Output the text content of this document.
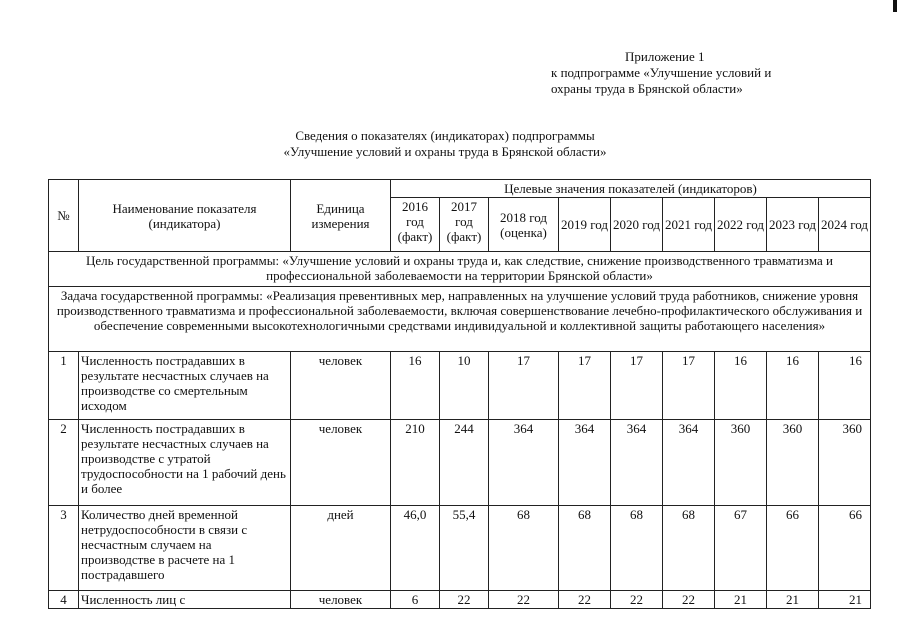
Приложение 1
к подпрограмме «Улучшение условий и
охраны труда в Брянской области»
Сведения о показателях (индикаторах) подпрограммы
«Улучшение условий и охраны труда в Брянской области»
№	Наименование показателя (индикатора)	Единица измерения	Целевые значения показателей (индикаторов)								
			2016 год (факт)	2017 год (факт)	2018 год (оценка)	2019 год	2020 год	2021 год	2022 год	2023 год	2024 год
Цель государственной программы: «Улучшение условий и охраны труда и, как следствие, снижение производственного травматизма и профессиональной заболеваемости на территории Брянской области»											
Задача государственной программы: «Реализация превентивных мер, направленных на улучшение условий труда работников, снижение уровня производственного травматизма и профессиональной заболеваемости, включая совершенствование лечебно-профилактического обслуживания и обеспечение современными высокотехнологичными средствами индивидуальной и коллективной защиты работающего населения»											
1	Численность пострадавших в результате несчастных случаев на производстве со смертельным исходом	человек	16	10	17	17	17	17	16	16	16
2	Численность пострадавших в результате несчастных случаев на производстве с утратой трудоспособности на 1 рабочий день и более	человек	210	244	364	364	364	364	360	360	360
3	Количество дней временной нетрудоспособности в связи с несчастным случаем на производстве в расчете на 1 пострадавшего	дней	46,0	55,4	68	68	68	68	67	66	66
4	Численность лиц с	человек	6	22	22	22	22	22	21	21	21
